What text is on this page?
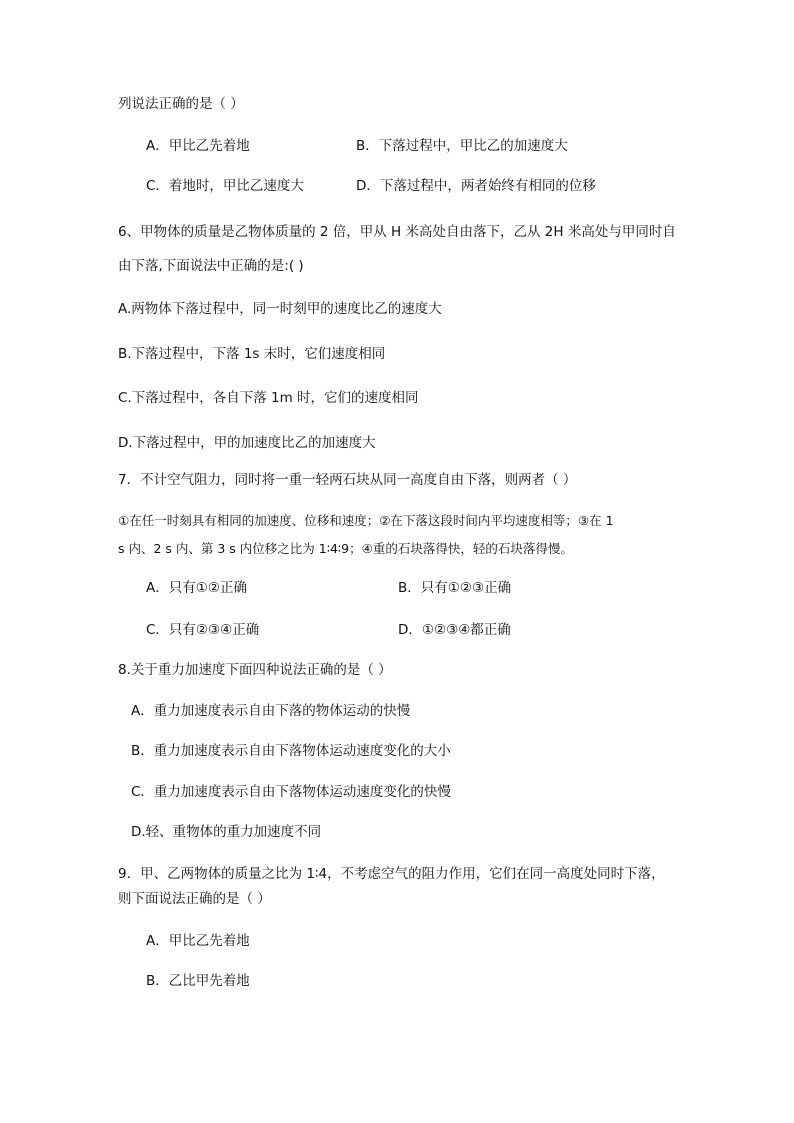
列说法正确的是（ ）
A．甲比乙先着地	B．下落过程中，甲比乙的加速度大
C．着地时，甲比乙速度大	D．下落过程中，两者始终有相同的位移
6、甲物体的质量是乙物体质量的 2 倍，甲从 H 米高处自由落下，乙从 2H 米高处与甲同时自
由下落,下面说法中正确的是:( )
A.两物体下落过程中，同一时刻甲的速度比乙的速度大
B.下落过程中，下落 1s 末时，它们速度相同
C.下落过程中，各自下落 1m 时，它们的速度相同
D.下落过程中，甲的加速度比乙的加速度大
7．不计空气阻力，同时将一重一轻两石块从同一高度自由下落，则两者（ ）
①在任一时刻具有相同的加速度、位移和速度；②在下落这段时间内平均速度相等；③在 1
s 内、2 s 内、第 3 s 内位移之比为 1∶4∶9；④重的石块落得快，轻的石块落得慢。
A．只有①②正确	B．只有①②③正确
C．只有②③④正确	D．①②③④都正确
8.关于重力加速度下面四种说法正确的是（ ）
A．重力加速度表示自由下落的物体运动的快慢
B．重力加速度表示自由下落物体运动速度变化的大小
C．重力加速度表示自由下落物体运动速度变化的快慢
D.轻、重物体的重力加速度不同
9．甲、乙两物体的质量之比为 1∶4，不考虑空气的阻力作用，它们在同一高度处同时下落，
则下面说法正确的是（ ）
A．甲比乙先着地
B．乙比甲先着地
